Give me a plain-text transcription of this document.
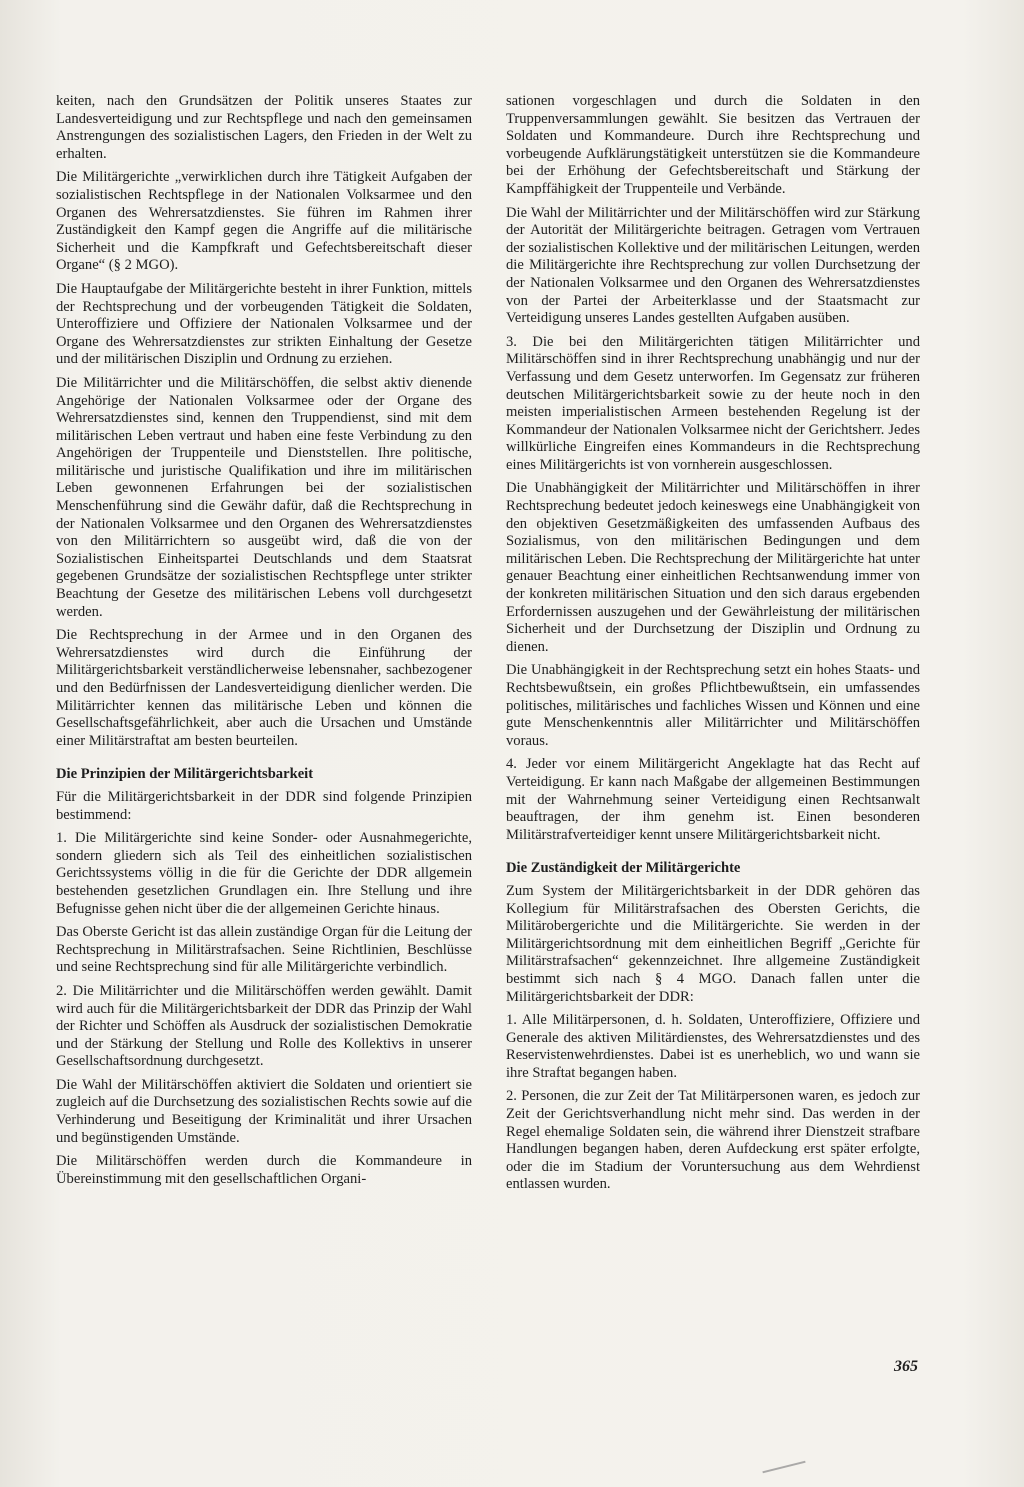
keiten, nach den Grundsätzen der Politik unseres Staates zur Landesverteidigung und zur Rechtspflege und nach den gemeinsamen Anstrengungen des sozialistischen Lagers, den Frieden in der Welt zu erhalten.

Die Militärgerichte „verwirklichen durch ihre Tätigkeit Aufgaben der sozialistischen Rechtspflege in der Nationalen Volksarmee und den Organen des Wehrersatzdienstes. Sie führen im Rahmen ihrer Zuständigkeit den Kampf gegen die Angriffe auf die militärische Sicherheit und die Kampfkraft und Gefechtsbereitschaft dieser Organe“ (§ 2 MGO).

Die Hauptaufgabe der Militärgerichte besteht in ihrer Funktion, mittels der Rechtsprechung und der vorbeugenden Tätigkeit die Soldaten, Unteroffiziere und Offiziere der Nationalen Volksarmee und der Organe des Wehrersatzdienstes zur strikten Einhaltung der Gesetze und der militärischen Disziplin und Ordnung zu erziehen.

Die Militärrichter und die Militärschöffen, die selbst aktiv dienende Angehörige der Nationalen Volksarmee oder der Organe des Wehrersatzdienstes sind, kennen den Truppendienst, sind mit dem militärischen Leben vertraut und haben eine feste Verbindung zu den Angehörigen der Truppenteile und Dienststellen. Ihre politische, militärische und juristische Qualifikation und ihre im militärischen Leben gewonnenen Erfahrungen bei der sozialistischen Menschenführung sind die Gewähr dafür, daß die Rechtsprechung in der Nationalen Volksarmee und den Organen des Wehrersatzdienstes von den Militärrichtern so ausgeübt wird, daß die von der Sozialistischen Einheitspartei Deutschlands und dem Staatsrat gegebenen Grundsätze der sozialistischen Rechtspflege unter strikter Beachtung der Gesetze des militärischen Lebens voll durchgesetzt werden.

Die Rechtsprechung in der Armee und in den Organen des Wehrersatzdienstes wird durch die Einführung der Militärgerichtsbarkeit verständlicherweise lebensnaher, sachbezogener und den Bedürfnissen der Landesverteidigung dienlicher werden. Die Militärrichter kennen das militärische Leben und können die Gesellschaftsgefährlichkeit, aber auch die Ursachen und Umstände einer Militärstraftat am besten beurteilen.

Die Prinzipien der Militärgerichtsbarkeit

Für die Militärgerichtsbarkeit in der DDR sind folgende Prinzipien bestimmend:

1. Die Militärgerichte sind keine Sonder- oder Ausnahmegerichte, sondern gliedern sich als Teil des einheitlichen sozialistischen Gerichtssystems völlig in die für die Gerichte der DDR allgemein bestehenden gesetzlichen Grundlagen ein. Ihre Stellung und ihre Befugnisse gehen nicht über die der allgemeinen Gerichte hinaus.

Das Oberste Gericht ist das allein zuständige Organ für die Leitung der Rechtsprechung in Militärstrafsachen. Seine Richtlinien, Beschlüsse und seine Rechtsprechung sind für alle Militärgerichte verbindlich.

2. Die Militärrichter und die Militärschöffen werden gewählt. Damit wird auch für die Militärgerichtsbarkeit der DDR das Prinzip der Wahl der Richter und Schöffen als Ausdruck der sozialistischen Demokratie und der Stärkung der Stellung und Rolle des Kollektivs in unserer Gesellschaftsordnung durchgesetzt.

Die Wahl der Militärschöffen aktiviert die Soldaten und orientiert sie zugleich auf die Durchsetzung des sozialistischen Rechts sowie auf die Verhinderung und Beseitigung der Kriminalität und ihrer Ursachen und begünstigenden Umstände.

Die Militärschöffen werden durch die Kommandeure in Übereinstimmung mit den gesellschaftlichen Organi-

sationen vorgeschlagen und durch die Soldaten in den Truppenversammlungen gewählt. Sie besitzen das Vertrauen der Soldaten und Kommandeure. Durch ihre Rechtsprechung und vorbeugende Aufklärungstätigkeit unterstützen sie die Kommandeure bei der Erhöhung der Gefechtsbereitschaft und Stärkung der Kampffähigkeit der Truppenteile und Verbände.

Die Wahl der Militärrichter und der Militärschöffen wird zur Stärkung der Autorität der Militärgerichte beitragen. Getragen vom Vertrauen der sozialistischen Kollektive und der militärischen Leitungen, werden die Militärgerichte ihre Rechtsprechung zur vollen Durchsetzung der der Nationalen Volksarmee und den Organen des Wehrersatzdienstes von der Partei der Arbeiterklasse und der Staatsmacht zur Verteidigung unseres Landes gestellten Aufgaben ausüben.

3. Die bei den Militärgerichten tätigen Militärrichter und Militärschöffen sind in ihrer Rechtsprechung unabhängig und nur der Verfassung und dem Gesetz unterworfen. Im Gegensatz zur früheren deutschen Militärgerichtsbarkeit sowie zu der heute noch in den meisten imperialistischen Armeen bestehenden Regelung ist der Kommandeur der Nationalen Volksarmee nicht der Gerichtsherr. Jedes willkürliche Eingreifen eines Kommandeurs in die Rechtsprechung eines Militärgerichts ist von vornherein ausgeschlossen.

Die Unabhängigkeit der Militärrichter und Militärschöffen in ihrer Rechtsprechung bedeutet jedoch keineswegs eine Unabhängigkeit von den objektiven Gesetzmäßigkeiten des umfassenden Aufbaus des Sozialismus, von den militärischen Bedingungen und dem militärischen Leben. Die Rechtsprechung der Militärgerichte hat unter genauer Beachtung einer einheitlichen Rechtsanwendung immer von der konkreten militärischen Situation und den sich daraus ergebenden Erfordernissen auszugehen und der Gewährleistung der militärischen Sicherheit und der Durchsetzung der Disziplin und Ordnung zu dienen.

Die Unabhängigkeit in der Rechtsprechung setzt ein hohes Staats- und Rechtsbewußtsein, ein großes Pflichtbewußtsein, ein umfassendes politisches, militärisches und fachliches Wissen und Können und eine gute Menschenkenntnis aller Militärrichter und Militärschöffen voraus.

4. Jeder vor einem Militärgericht Angeklagte hat das Recht auf Verteidigung. Er kann nach Maßgabe der allgemeinen Bestimmungen mit der Wahrnehmung seiner Verteidigung einen Rechtsanwalt beauftragen, der ihm genehm ist. Einen besonderen Militärstrafverteidiger kennt unsere Militärgerichtsbarkeit nicht.

Die Zuständigkeit der Militärgerichte

Zum System der Militärgerichtsbarkeit in der DDR gehören das Kollegium für Militärstrafsachen des Obersten Gerichts, die Militärobergerichte und die Militärgerichte. Sie werden in der Militärgerichtsordnung mit dem einheitlichen Begriff „Gerichte für Militärstrafsachen“ gekennzeichnet. Ihre allgemeine Zuständigkeit bestimmt sich nach § 4 MGO. Danach fallen unter die Militärgerichtsbarkeit der DDR:

1. Alle Militärpersonen, d. h. Soldaten, Unteroffiziere, Offiziere und Generale des aktiven Militärdienstes, des Wehrersatzdienstes und des Reservistenwehrdienstes. Dabei ist es unerheblich, wo und wann sie ihre Straftat begangen haben.

2. Personen, die zur Zeit der Tat Militärpersonen waren, es jedoch zur Zeit der Gerichtsverhandlung nicht mehr sind. Das werden in der Regel ehemalige Soldaten sein, die während ihrer Dienstzeit strafbare Handlungen begangen haben, deren Aufdeckung erst später erfolgte, oder die im Stadium der Voruntersuchung aus dem Wehrdienst entlassen wurden.

365
